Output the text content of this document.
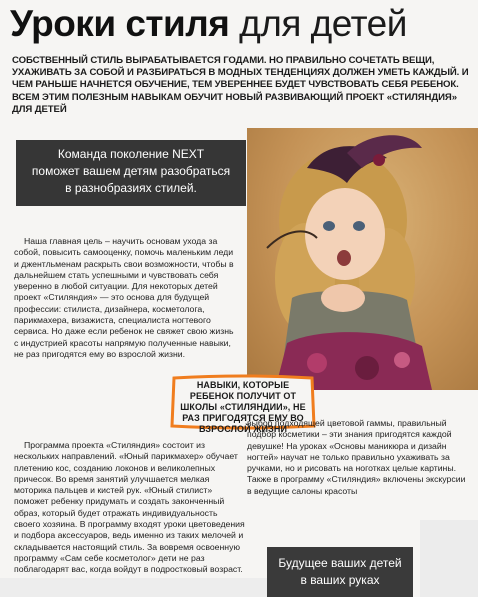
Уроки стиля для детей

СОБСТВЕННЫЙ СТИЛЬ ВЫРАБАТЫВАЕТСЯ ГОДАМИ. НО ПРАВИЛЬНО СОЧЕТАТЬ ВЕЩИ, УХАЖИВАТЬ ЗА СОБОЙ И РАЗБИРАТЬСЯ В МОДНЫХ ТЕНДЕНЦИЯХ ДОЛЖЕН УМЕТЬ КАЖДЫЙ. И ЧЕМ РАНЬШЕ НАЧНЕТСЯ ОБУЧЕНИЕ, ТЕМ УВЕРЕННЕЕ БУДЕТ ЧУВСТВОВАТЬ СЕБЯ РЕБЕНОК. ВСЕМ ЭТИМ ПОЛЕЗНЫМ НАВЫКАМ ОБУЧИТ НОВЫЙ РАЗВИВАЮЩИЙ ПРОЕКТ «СТИЛЯНДИЯ» ДЛЯ ДЕТЕЙ

Наша главная цель – научить основам ухода за собой, повысить самооценку, помочь маленьким леди и джентльменам раскрыть свои возможности, чтобы в дальнейшем стать успешными и чувствовать себя уверенно в любой ситуации. Для некоторых детей проект «Стиляндия» — это основа для будущей профессии: стилиста, дизайнера, косметолога, парикмахера, визажиста, специалиста ногтевого сервиса. Но даже если ребенок не свяжет свою жизнь с индустрией красоты напрямую полученные навыки, не раз пригодятся ему во взрослой жизни.

Программа проекта «Стиляндия» состоит из нескольких направлений. «Юный парикмахер» обучает плетению кос, созданию локонов и великолепных причесок. Во время занятий улучшается мелкая моторика пальцев и кистей рук. «Юный стилист» поможет ребенку придумать и создать законченный образ, который будет отражать индивидуальность своего хозяина. В программу входят уроки цветоведения и подбора аксессуаров, ведь именно из таких мелочей и складывается настоящий стиль. За вовремя освоенную программу «Сам себе косметолог» дети не раз поблагодарят вас, когда войдут в подростковый возраст.

НАВЫКИ, КОТОРЫЕ РЕБЕНОК ПОЛУЧИТ ОТ ШКОЛЫ «СТИЛЯНДИИ», НЕ РАЗ ПРИГОДЯТСЯ ЕМУ ВО ВЗРОСЛОЙ ЖИЗНИ

выбор подходящей цветовой гаммы, правильный подбор косметики – эти знания пригодятся каждой девушке! На уроках «Основы маникюра и дизайн ногтей» научат не только правильно ухаживать за ручками, но и рисовать на ноготках целые картины. Также в программу «Стиляндия» включены экскурсии в ведущие салоны красоты

Команда поколение NEXT
поможет вашем детям разобраться
в разнобразиях стилей.
Будущее ваших детей
в ваших руках
